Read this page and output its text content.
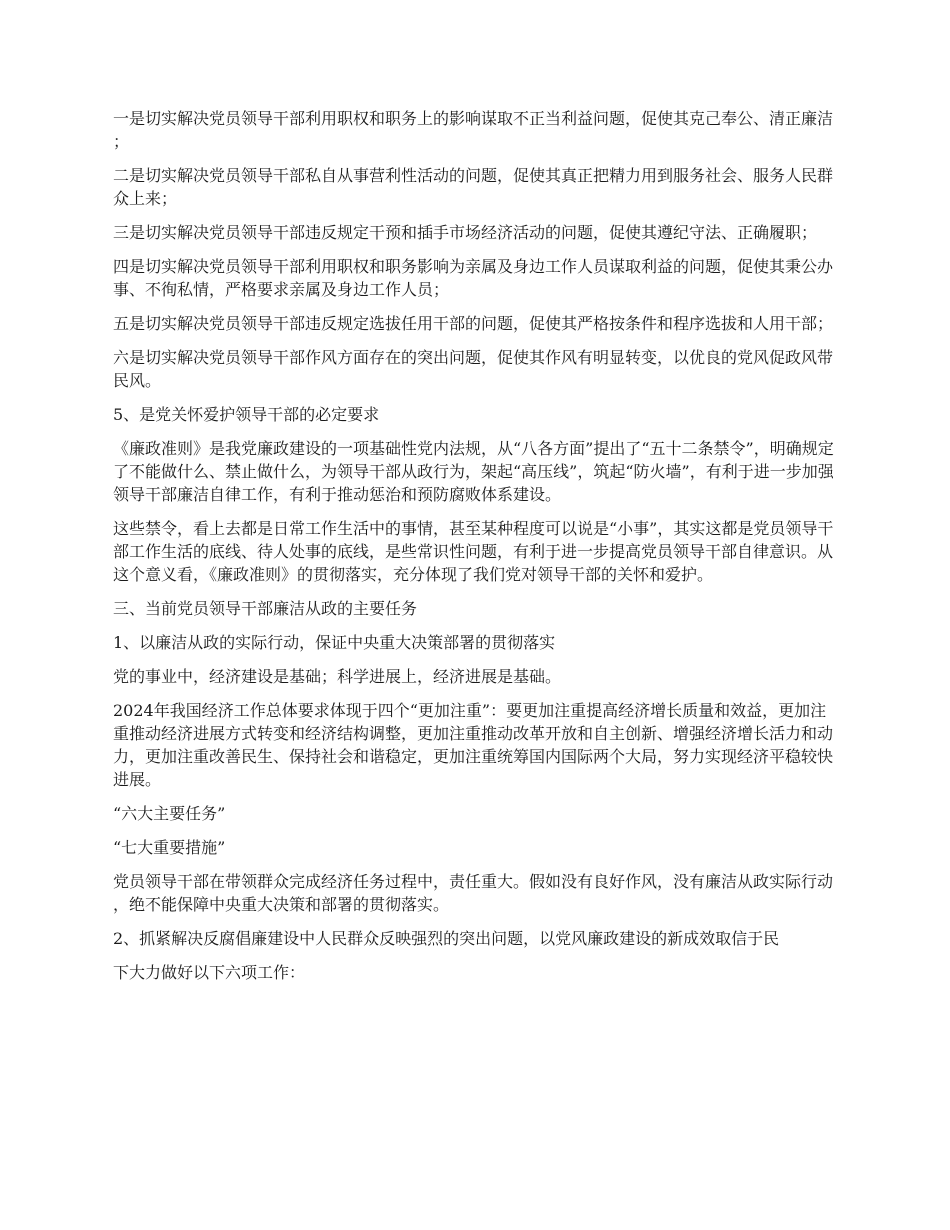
一是切实解决党员领导干部利用职权和职务上的影响谋取不正当利益问题，促使其克己奉公、清正廉洁；

二是切实解决党员领导干部私自从事营利性活动的问题，促使其真正把精力用到服务社会、服务人民群众上来；

三是切实解决党员领导干部违反规定干预和插手市场经济活动的问题，促使其遵纪守法、正确履职；

四是切实解决党员领导干部利用职权和职务影响为亲属及身边工作人员谋取利益的问题，促使其秉公办事、不徇私情，严格要求亲属及身边工作人员；

五是切实解决党员领导干部违反规定选拔任用干部的问题，促使其严格按条件和程序选拔和人用干部；

六是切实解决党员领导干部作风方面存在的突出问题，促使其作风有明显转变，以优良的党风促政风带民风。

5、是党关怀爱护领导干部的必定要求

《廉政准则》是我党廉政建设的一项基础性党内法规，从“八各方面”提出了“五十二条禁令”，明确规定了不能做什么、禁止做什么，为领导干部从政行为，架起“高压线”，筑起“防火墙”，有利于进一步加强领导干部廉洁自律工作，有利于推动惩治和预防腐败体系建设。

这些禁令，看上去都是日常工作生活中的事情，甚至某种程度可以说是“小事”，其实这都是党员领导干部工作生活的底线、待人处事的底线，是些常识性问题，有利于进一步提高党员领导干部自律意识。从这个意义看，《廉政准则》的贯彻落实，充分体现了我们党对领导干部的关怀和爱护。

三、当前党员领导干部廉洁从政的主要任务

1、以廉洁从政的实际行动，保证中央重大决策部署的贯彻落实

党的事业中，经济建设是基础；科学进展上，经济进展是基础。

2024年我国经济工作总体要求体现于四个“更加注重”：要更加注重提高经济增长质量和效益，更加注重推动经济进展方式转变和经济结构调整，更加注重推动改革开放和自主创新、增强经济增长活力和动力，更加注重改善民生、保持社会和谐稳定，更加注重统筹国内国际两个大局，努力实现经济平稳较快进展。

“六大主要任务”

“七大重要措施”

党员领导干部在带领群众完成经济任务过程中，责任重大。假如没有良好作风，没有廉洁从政实际行动，绝不能保障中央重大决策和部署的贯彻落实。

2、抓紧解决反腐倡廉建设中人民群众反映强烈的突出问题，以党风廉政建设的新成效取信于民

下大力做好以下六项工作：
